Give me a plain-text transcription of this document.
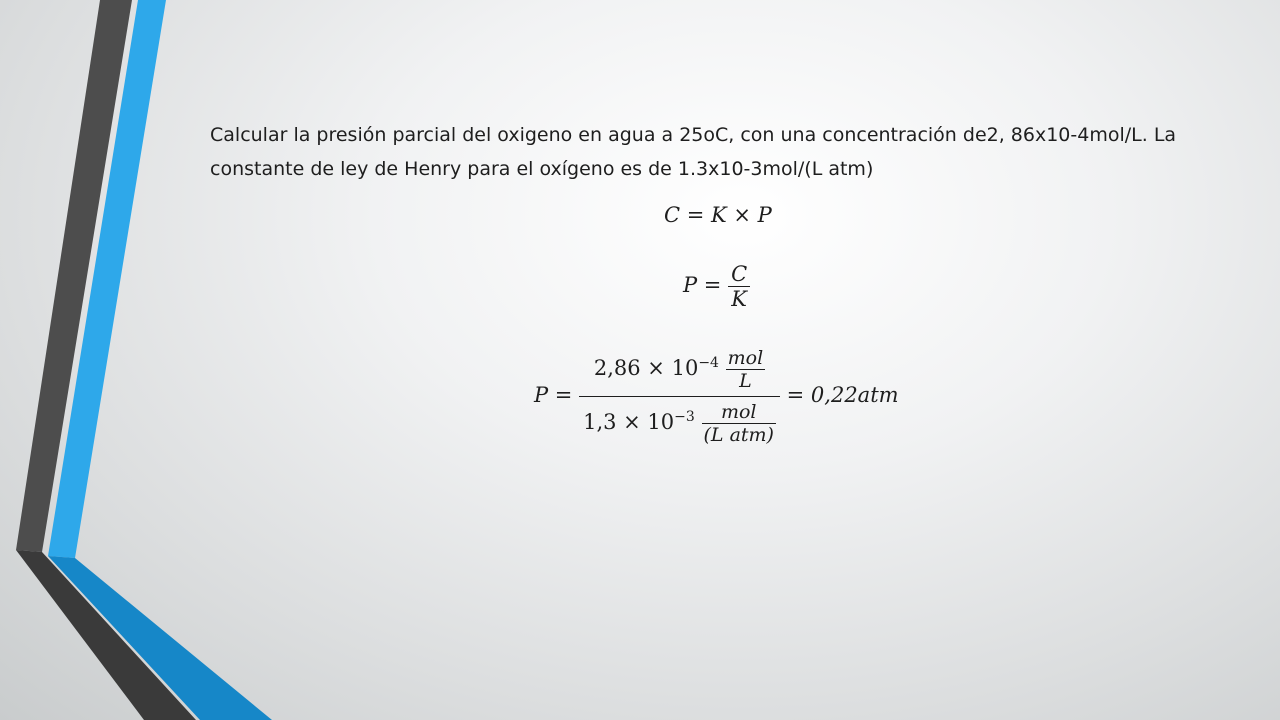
Calcular la presión parcial del oxigeno en agua a 25oC, con una concentración de2, 86x10-4mol/L. La constante de ley de Henry para el oxígeno es de 1.3x10-3mol/(L atm)

C = K × P
$P = \frac{C}{K}$
$P = \frac{2,86 \times 10^{-4} \frac{\text{mol}}{L}}{1,3 \times 10^{-3} \frac{\text{mol}}{\text{(L atm)}}} = 0,22atm$
